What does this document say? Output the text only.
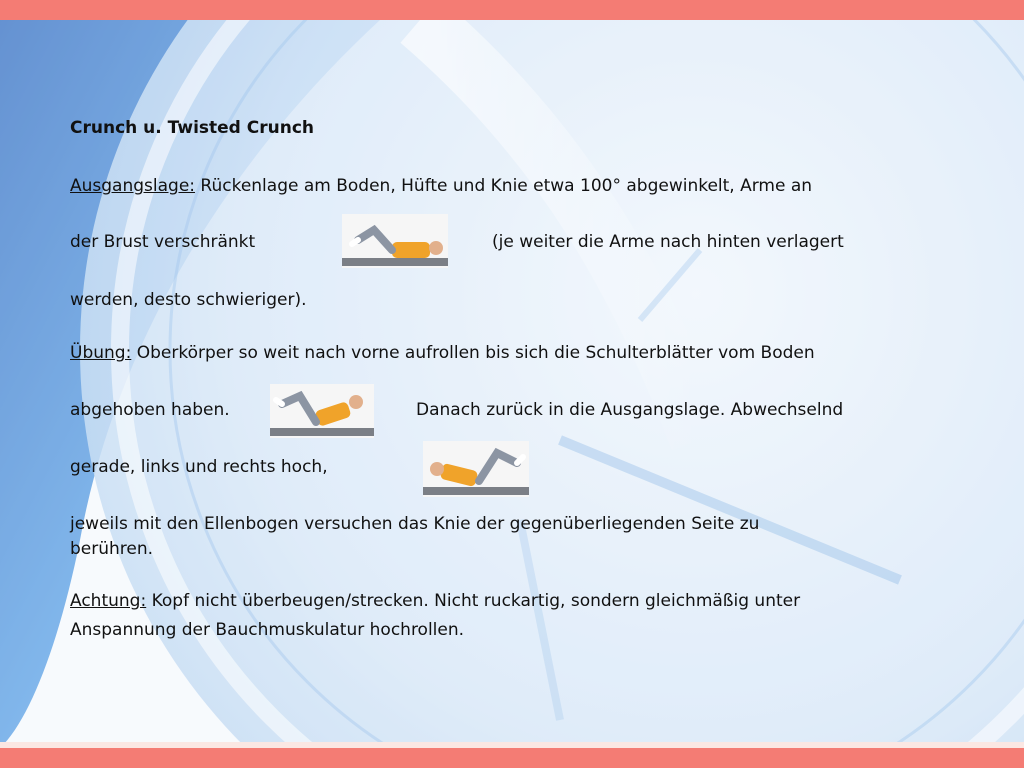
Crunch u. Twisted Crunch
Ausgangslage: Rückenlage am Boden, Hüfte und Knie etwa 100° abgewinkelt, Arme an
der Brust verschränkt	(je weiter die Arme nach hinten verlagert
werden, desto schwieriger).
Übung: Oberkörper so weit nach vorne aufrollen bis sich die Schulterblätter vom Boden
abgehoben haben.	Danach zurück in die Ausgangslage. Abwechselnd
gerade, links und rechts hoch,
jeweils mit den Ellenbogen versuchen das Knie der gegenüberliegenden Seite zu
berühren.
Achtung: Kopf nicht überbeugen/strecken. Nicht ruckartig, sondern gleichmäßig unter
Anspannung der Bauchmuskulatur hochrollen.
